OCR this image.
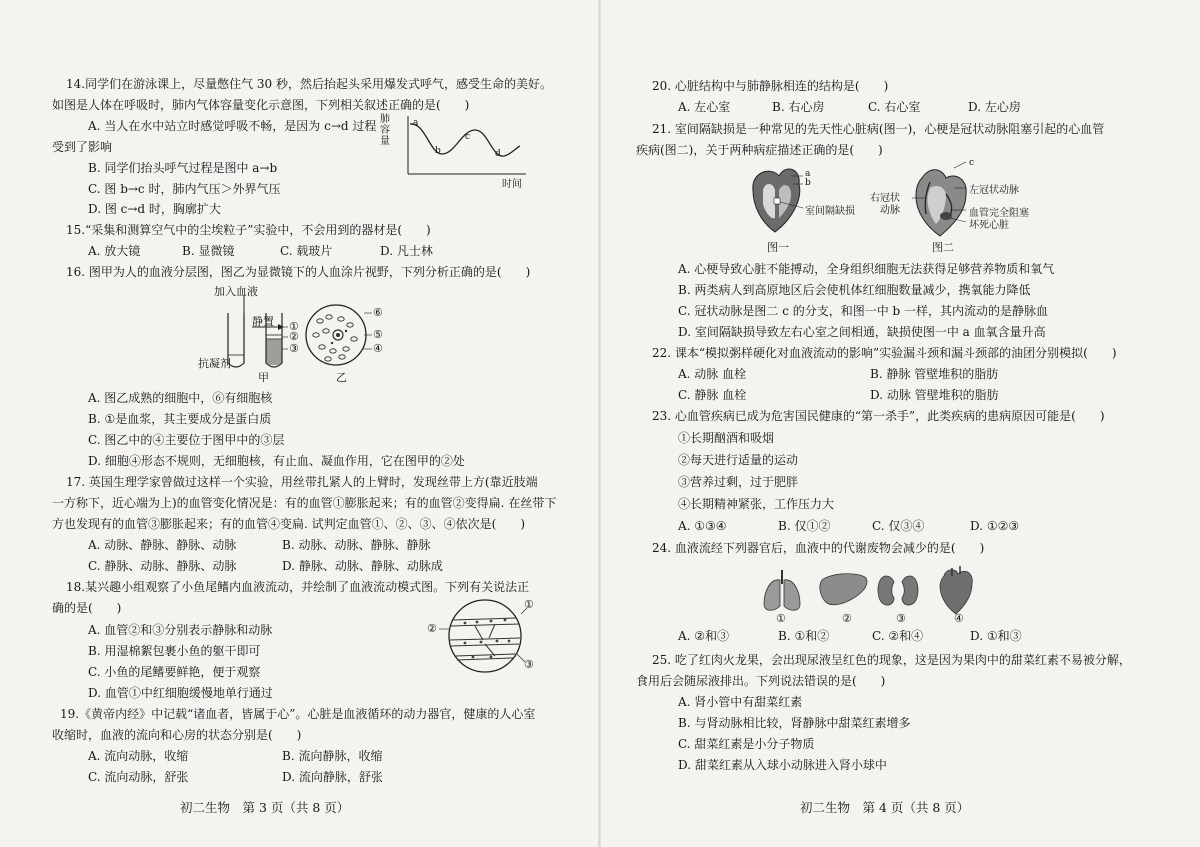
14.同学们在游泳课上，尽量憋住气 30 秒，然后抬起头采用爆发式呼气，感受生命的美好。
如图是人体在呼吸时，肺内气体容量变化示意图，下列相关叙述正确的是(　　)
A. 当人在水中站立时感觉呼吸不畅，是因为 c→d 过程
受到了影响
B. 同学们抬头呼气过程是图中 a→b
C. 图 b→c 时，肺内气压＞外界气压
D. 图 c→d 时，胸廓扩大
肺容量
a
b
c
d
时间
15.“采集和测算空气中的尘埃粒子”实验中，不会用到的器材是(　　)
A. 放大镜	B. 显微镜	C. 载玻片	D. 凡士林
16. 图甲为人的血液分层图，图乙为显微镜下的人血涂片视野，下列分析正确的是(　　)
加入血液
静置
抗凝剂
①
②
③	④
⑤
⑥
甲	乙
A. 图乙成熟的细胞中，⑥有细胞核
B. ①是血浆，其主要成分是蛋白质
C. 图乙中的④主要位于图甲中的③层
D. 细胞④形态不规则，无细胞核，有止血、凝血作用，它在图甲的②处
17. 英国生理学家曾做过这样一个实验，用丝带扎紧人的上臂时，发现丝带上方(靠近肢端
一方称下，近心端为上)的血管变化情况是：有的血管①膨胀起来；有的血管②变得扁. 在丝带下
方也发现有的血管③膨胀起来；有的血管④变扁. 试判定血管①、②、③、④依次是(　　)
A. 动脉、静脉、静脉、动脉	B. 动脉、动脉、静脉、静脉
C. 静脉、动脉、静脉、动脉	D. 静脉、动脉、静脉、动脉成
18.某兴趣小组观察了小鱼尾鳍内血液流动，并绘制了血液流动模式图。下列有关说法正
确的是(　　)
A. 血管②和③分别表示静脉和动脉
B. 用湿棉絮包裹小鱼的躯干即可
C. 小鱼的尾鳍要鲜艳，便于观察
D. 血管①中红细胞缓慢地单行通过
①
②
③
19.《黄帝内经》中记载“诸血者，皆属于心”。心脏是血液循环的动力器官，健康的人心室
收缩时，血液的流向和心房的状态分别是(　　)
A. 流向动脉，收缩	B. 流向静脉，收缩
C. 流向动脉，舒张	D. 流向静脉，舒张
初二生物　第 3 页（共 8 页）
20. 心脏结构中与肺静脉相连的结构是(　　)
A. 左心室	B. 右心房	C. 右心室	D. 左心房
21. 室间隔缺损是一种常见的先天性心脏病(图一)，心梗是冠状动脉阻塞引起的心血管
疾病(图二)，关于两种病症描述正确的是(　　)
a
b
室间隔缺损
图一
c
左冠状动脉
右冠状
动脉	血管完全阻塞
坏死心脏
图二
A. 心梗导致心脏不能搏动，全身组织细胞无法获得足够营养物质和氧气
B. 两类病人到高原地区后会使机体红细胞数量减少，携氧能力降低
C. 冠状动脉是图二 c 的分支，和图一中 b 一样，其内流动的是静脉血
D. 室间隔缺损导致左右心室之间相通，缺损使图一中 a 血氧含量升高
22. 课本“模拟粥样硬化对血液流动的影响”实验漏斗颈和漏斗颈部的油团分别模拟(　　)
A. 动脉 血栓	B. 静脉 管壁堆积的脂肪
C. 静脉 血栓	D. 动脉 管壁堆积的脂肪
23. 心血管疾病已成为危害国民健康的“第一杀手”，此类疾病的患病原因可能是(　　)
①长期酗酒和吸烟
②每天进行适量的运动
③营养过剩，过于肥胖
④长期精神紧张，工作压力大
A. ①③④	B. 仅①②	C. 仅③④	D. ①②③
24. 血液流经下列器官后，血液中的代谢废物会减少的是(　　)
①	②	③	④
A. ②和③	B. ①和②	C. ②和④	D. ①和③
25. 吃了红肉火龙果，会出现尿液呈红色的现象，这是因为果肉中的甜菜红素不易被分解，
食用后会随尿液排出。下列说法错误的是(　　)
A. 肾小管中有甜菜红素
B. 与肾动脉相比较，肾静脉中甜菜红素增多
C. 甜菜红素是小分子物质
D. 甜菜红素从入球小动脉进入肾小球中
初二生物　第 4 页（共 8 页）
